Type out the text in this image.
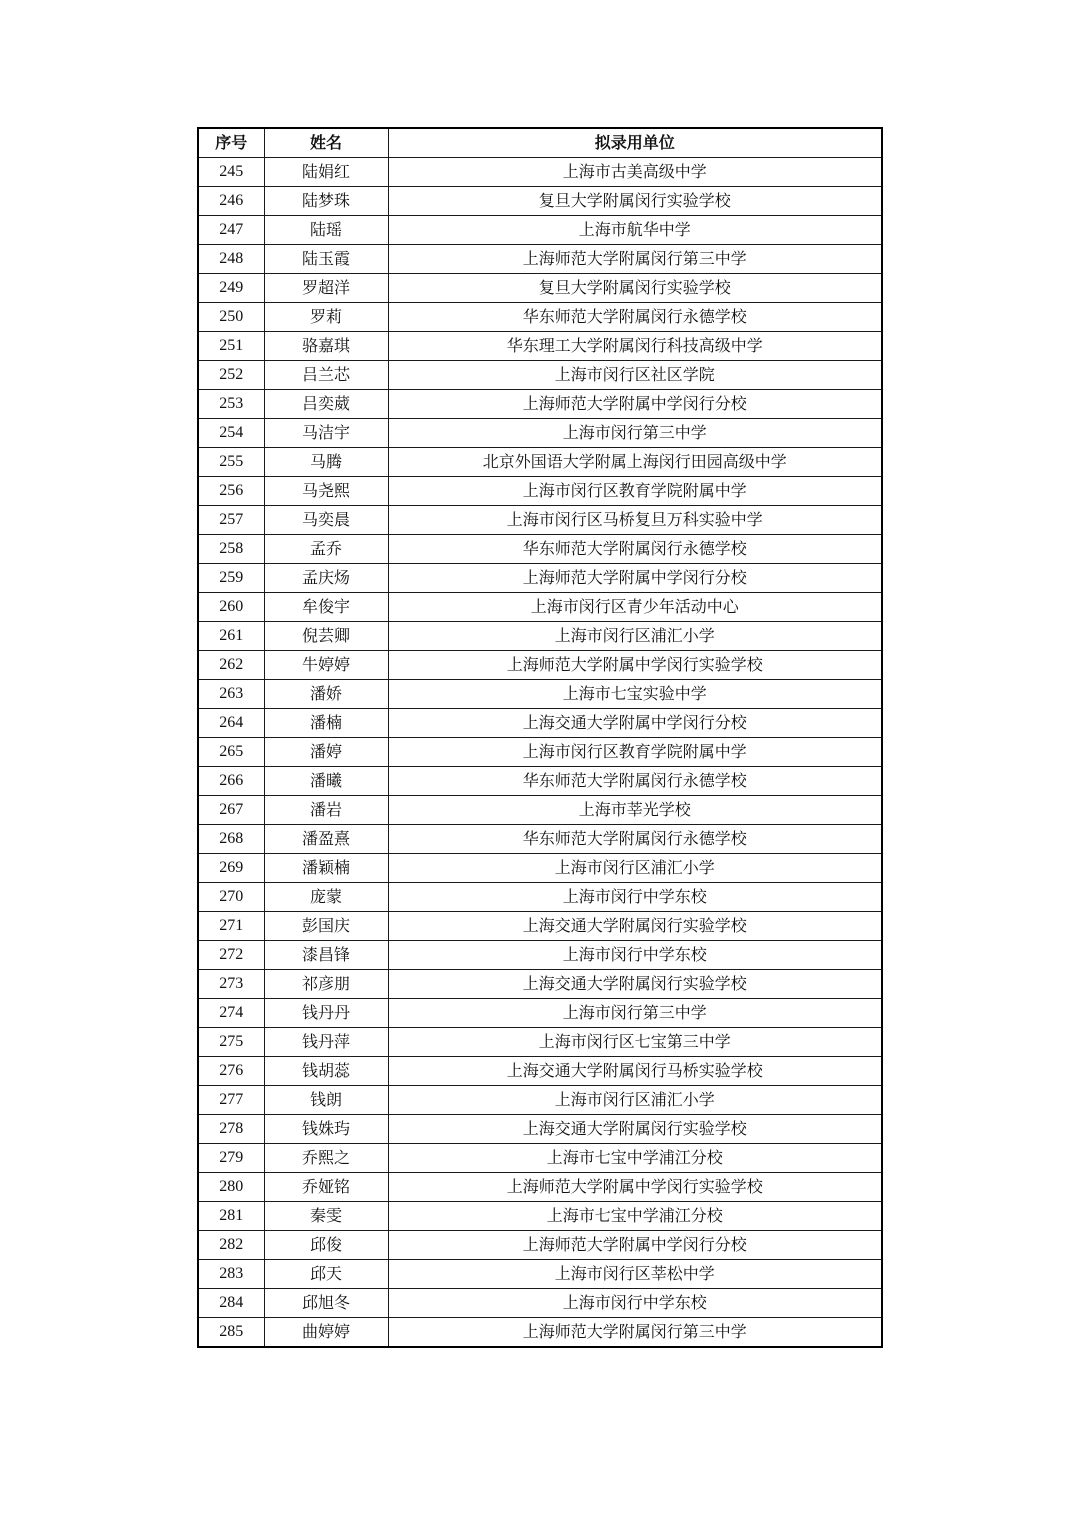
序号	姓名	拟录用单位
245	陆娟红	上海市古美高级中学
246	陆梦珠	复旦大学附属闵行实验学校
247	陆瑶	上海市航华中学
248	陆玉霞	上海师范大学附属闵行第三中学
249	罗超洋	复旦大学附属闵行实验学校
250	罗莉	华东师范大学附属闵行永德学校
251	骆嘉琪	华东理工大学附属闵行科技高级中学
252	吕兰芯	上海市闵行区社区学院
253	吕奕葳	上海师范大学附属中学闵行分校
254	马洁宇	上海市闵行第三中学
255	马腾	北京外国语大学附属上海闵行田园高级中学
256	马尧熙	上海市闵行区教育学院附属中学
257	马奕晨	上海市闵行区马桥复旦万科实验中学
258	孟乔	华东师范大学附属闵行永德学校
259	孟庆炀	上海师范大学附属中学闵行分校
260	牟俊宇	上海市闵行区青少年活动中心
261	倪芸卿	上海市闵行区浦汇小学
262	牛婷婷	上海师范大学附属中学闵行实验学校
263	潘娇	上海市七宝实验中学
264	潘楠	上海交通大学附属中学闵行分校
265	潘婷	上海市闵行区教育学院附属中学
266	潘曦	华东师范大学附属闵行永德学校
267	潘岩	上海市莘光学校
268	潘盈熹	华东师范大学附属闵行永德学校
269	潘颖楠	上海市闵行区浦汇小学
270	庞蒙	上海市闵行中学东校
271	彭国庆	上海交通大学附属闵行实验学校
272	漆昌锋	上海市闵行中学东校
273	祁彦朋	上海交通大学附属闵行实验学校
274	钱丹丹	上海市闵行第三中学
275	钱丹萍	上海市闵行区七宝第三中学
276	钱胡蕊	上海交通大学附属闵行马桥实验学校
277	钱朗	上海市闵行区浦汇小学
278	钱姝玙	上海交通大学附属闵行实验学校
279	乔熙之	上海市七宝中学浦江分校
280	乔娅铭	上海师范大学附属中学闵行实验学校
281	秦雯	上海市七宝中学浦江分校
282	邱俊	上海师范大学附属中学闵行分校
283	邱天	上海市闵行区莘松中学
284	邱旭冬	上海市闵行中学东校
285	曲婷婷	上海师范大学附属闵行第三中学
